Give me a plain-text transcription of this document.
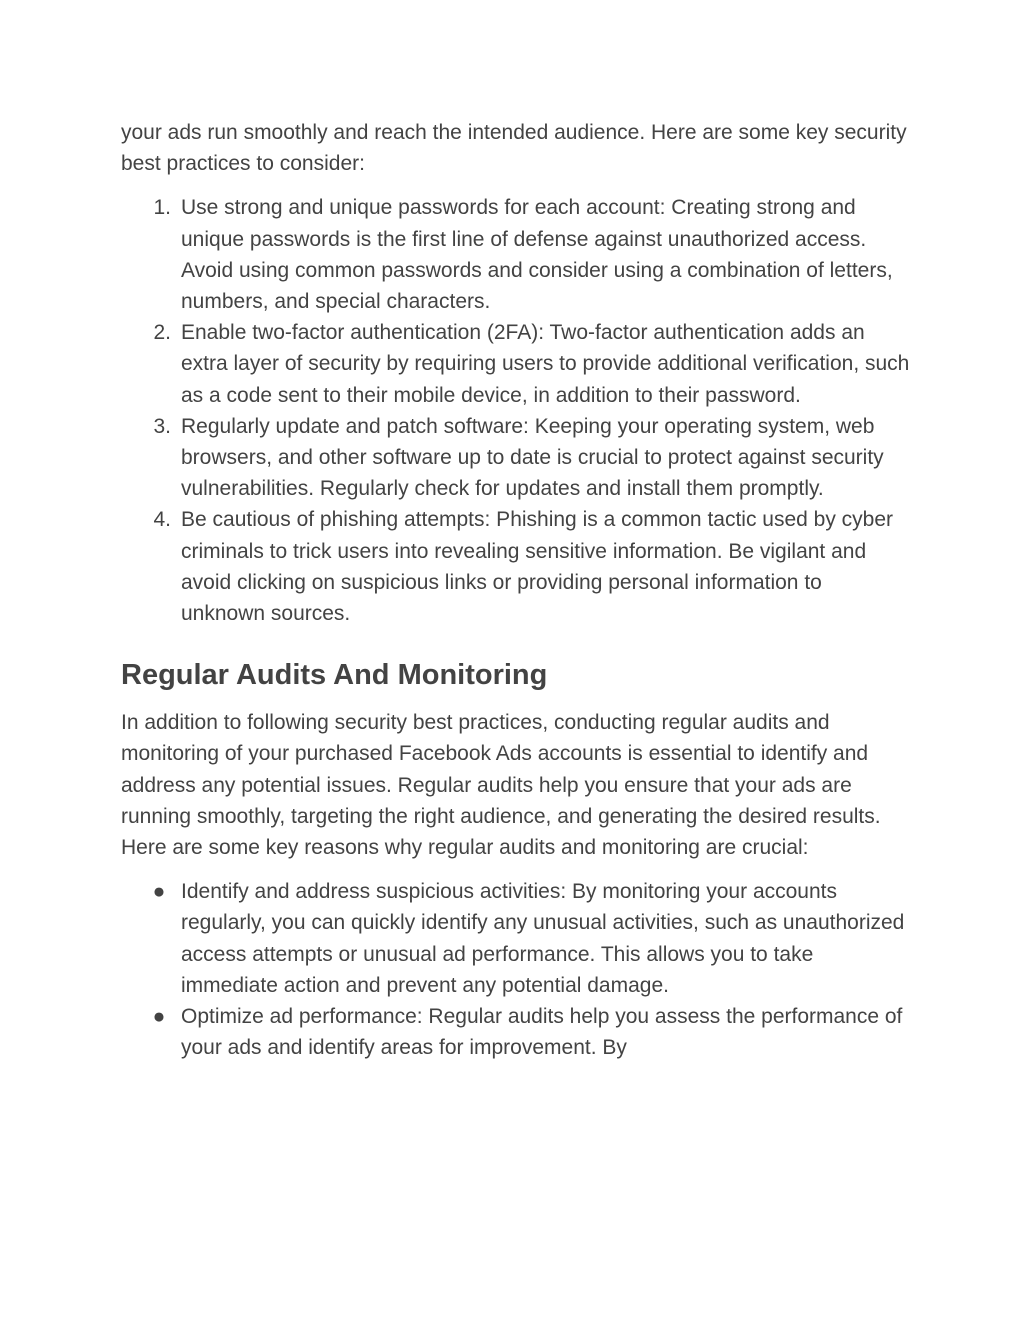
your ads run smoothly and reach the intended audience. Here are some key security best practices to consider:

1. Use strong and unique passwords for each account: Creating strong and unique passwords is the first line of defense against unauthorized access. Avoid using common passwords and consider using a combination of letters, numbers, and special characters.
2. Enable two-factor authentication (2FA): Two-factor authentication adds an extra layer of security by requiring users to provide additional verification, such as a code sent to their mobile device, in addition to their password.
3. Regularly update and patch software: Keeping your operating system, web browsers, and other software up to date is crucial to protect against security vulnerabilities. Regularly check for updates and install them promptly.
4. Be cautious of phishing attempts: Phishing is a common tactic used by cyber criminals to trick users into revealing sensitive information. Be vigilant and avoid clicking on suspicious links or providing personal information to unknown sources.
Regular Audits And Monitoring

In addition to following security best practices, conducting regular audits and monitoring of your purchased Facebook Ads accounts is essential to identify and address any potential issues. Regular audits help you ensure that your ads are running smoothly, targeting the right audience, and generating the desired results. Here are some key reasons why regular audits and monitoring are crucial:

● Identify and address suspicious activities: By monitoring your accounts regularly, you can quickly identify any unusual activities, such as unauthorized access attempts or unusual ad performance. This allows you to take immediate action and prevent any potential damage.
● Optimize ad performance: Regular audits help you assess the performance of your ads and identify areas for improvement. By
